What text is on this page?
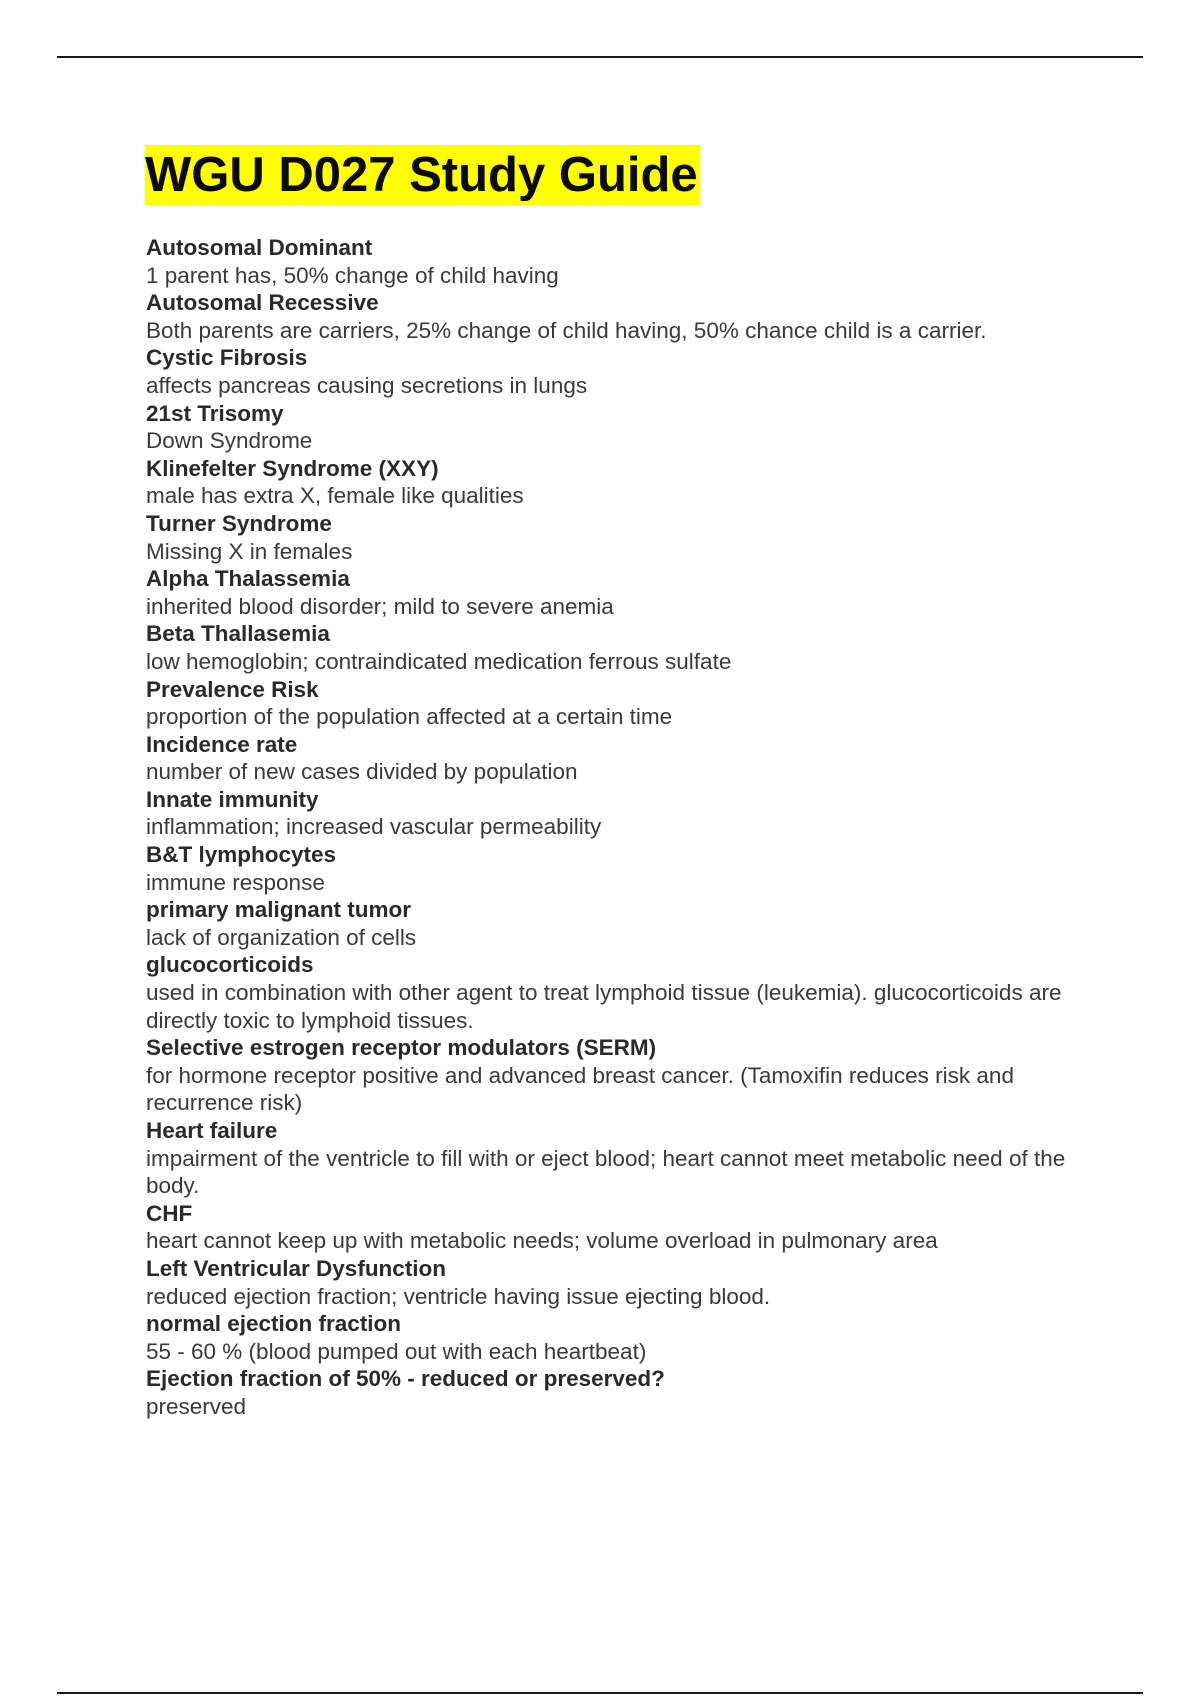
WGU D027 Study Guide
Autosomal Dominant
1 parent has, 50% change of child having
Autosomal Recessive
Both parents are carriers, 25% change of child having, 50% chance child is a carrier.
Cystic Fibrosis
affects pancreas causing secretions in lungs
21st Trisomy
Down Syndrome
Klinefelter Syndrome (XXY)
male has extra X, female like qualities
Turner Syndrome
Missing X in females
Alpha Thalassemia
inherited blood disorder; mild to severe anemia
Beta Thallasemia
low hemoglobin; contraindicated medication ferrous sulfate
Prevalence Risk
proportion of the population affected at a certain time
Incidence rate
number of new cases divided by population
Innate immunity
inflammation; increased vascular permeability
B&T lymphocytes
immune response
primary malignant tumor
lack of organization of cells
glucocorticoids
used in combination with other agent to treat lymphoid tissue (leukemia). glucocorticoids are directly toxic to lymphoid tissues.
Selective estrogen receptor modulators (SERM)
for hormone receptor positive and advanced breast cancer. (Tamoxifin reduces risk and recurrence risk)
Heart failure
impairment of the ventricle to fill with or eject blood; heart cannot meet metabolic need of the body.
CHF
heart cannot keep up with metabolic needs; volume overload in pulmonary area
Left Ventricular Dysfunction
reduced ejection fraction; ventricle having issue ejecting blood.
normal ejection fraction
55 - 60 % (blood pumped out with each heartbeat)
Ejection fraction of 50% - reduced or preserved?
preserved
